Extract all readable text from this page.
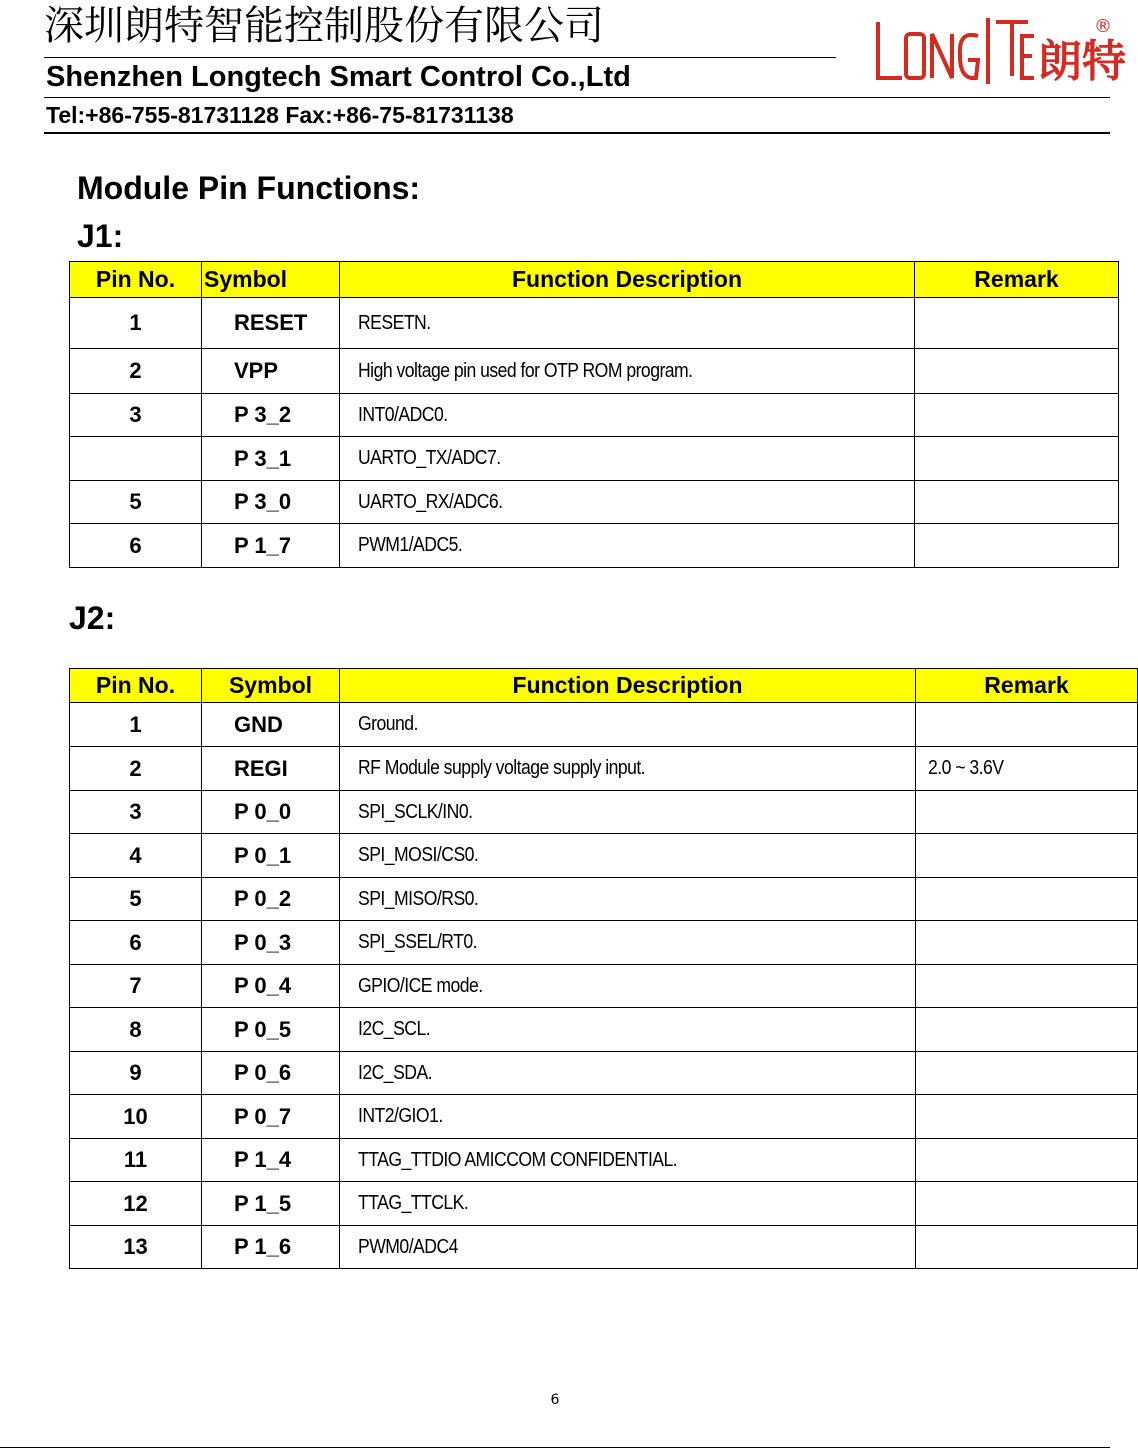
深圳朗特智能控制股份有限公司
Shenzhen Longtech Smart Control Co.,Ltd
Tel:+86-755-81731128 Fax:+86-75-81731138
朗特
®
Module Pin Functions:
J1:
Pin No.	Symbol	Function Description	Remark
1	RESET	RESETN.	
2	VPP	High voltage pin used for OTP ROM program.	
3	P 3_2	INT0/ADC0.	
	P 3_1	UARTO_TX/ADC7.	
5	P 3_0	UARTO_RX/ADC6.	
6	P 1_7	PWM1/ADC5.	
J2:
Pin No.	Symbol	Function Description	Remark
1	GND	Ground.	
2	REGI	RF Module supply voltage supply input.	2.0 ~ 3.6V
3	P 0_0	SPI_SCLK/IN0.	
4	P 0_1	SPI_MOSI/CS0.	
5	P 0_2	SPI_MISO/RS0.	
6	P 0_3	SPI_SSEL/RT0.	
7	P 0_4	GPIO/ICE mode.	
8	P 0_5	I2C_SCL.	
9	P 0_6	I2C_SDA.	
10	P 0_7	INT2/GIO1.	
11	P 1_4	TTAG_TTDIO AMICCOM CONFIDENTIAL.	
12	P 1_5	TTAG_TTCLK.	
13	P 1_6	PWM0/ADC4	
6
